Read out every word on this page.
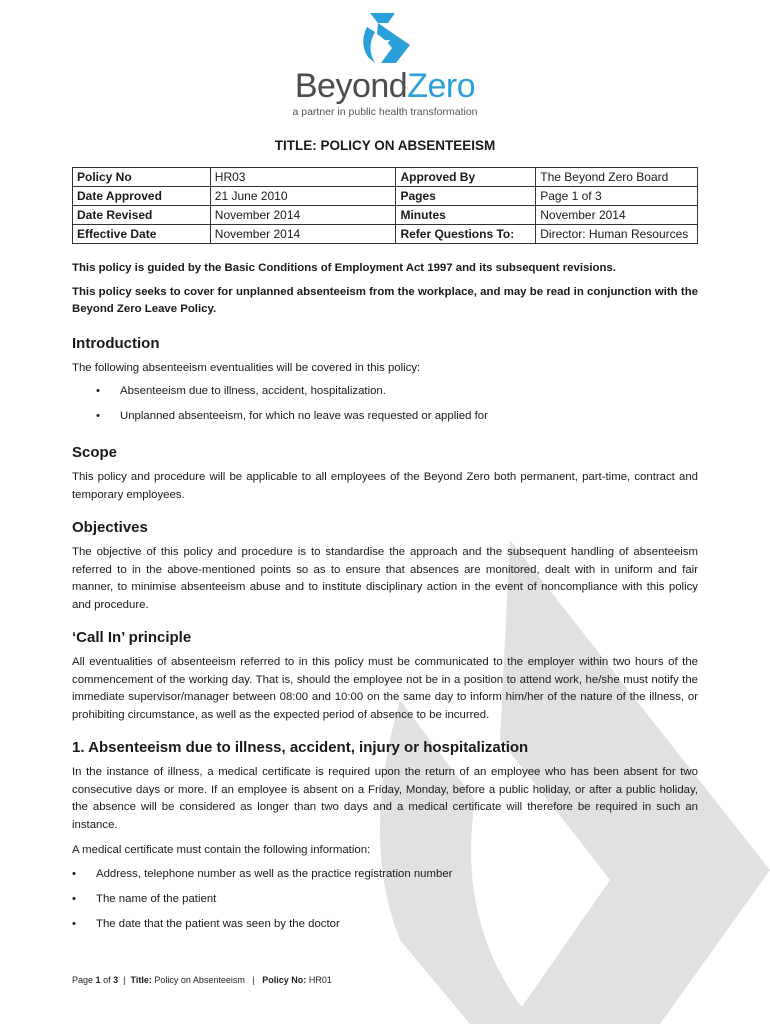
BeyondZero
a partner in public health transformation
TITLE: POLICY ON ABSENTEEISM
Policy No	HR03	Approved By	The Beyond Zero Board
Date Approved	21 June 2010	Pages	Page 1 of 3
Date Revised	November 2014	Minutes	November 2014
Effective Date	November 2014	Refer Questions To:	Director: Human Resources

This policy is guided by the Basic Conditions of Employment Act 1997 and its subsequent revisions.

This policy seeks to cover for unplanned absenteeism from the workplace, and may be read in conjunction with the Beyond Zero Leave Policy.

Introduction

The following absenteeism eventualities will be covered in this policy:

• Absenteeism due to illness, accident, hospitalization.
• Unplanned absenteeism, for which no leave was requested or applied for
Scope

This policy and procedure will be applicable to all employees of the Beyond Zero both permanent, part-time, contract and temporary employees.

Objectives

The objective of this policy and procedure is to standardise the approach and the subsequent handling of absenteeism referred to in the above-mentioned points so as to ensure that absences are monitored, dealt with in uniform and fair manner, to minimise absenteeism abuse and to institute disciplinary action in the event of noncompliance with this policy and procedure.

‘Call In’ principle

All eventualities of absenteeism referred to in this policy must be communicated to the employer within two hours of the commencement of the working day. That is, should the employee not be in a position to attend work, he/she must notify the immediate supervisor/manager between 08:00 and 10:00 on the same day to inform him/her of the nature of the illness, or prohibiting circumstance, as well as the expected period of absence to be incurred.

1. Absenteeism due to illness, accident, injury or hospitalization

In the instance of illness, a medical certificate is required upon the return of an employee who has been absent for two consecutive days or more. If an employee is absent on a Friday, Monday, before a public holiday, or after a public holiday, the absence will be considered as longer than two days and a medical certificate will therefore be required in such an instance.

A medical certificate must contain the following information:

• Address, telephone number as well as the practice registration number
• The name of the patient
• The date that the patient was seen by the doctor
Page 1 of 3 | Title: Policy on Absenteeism | Policy No: HR01
